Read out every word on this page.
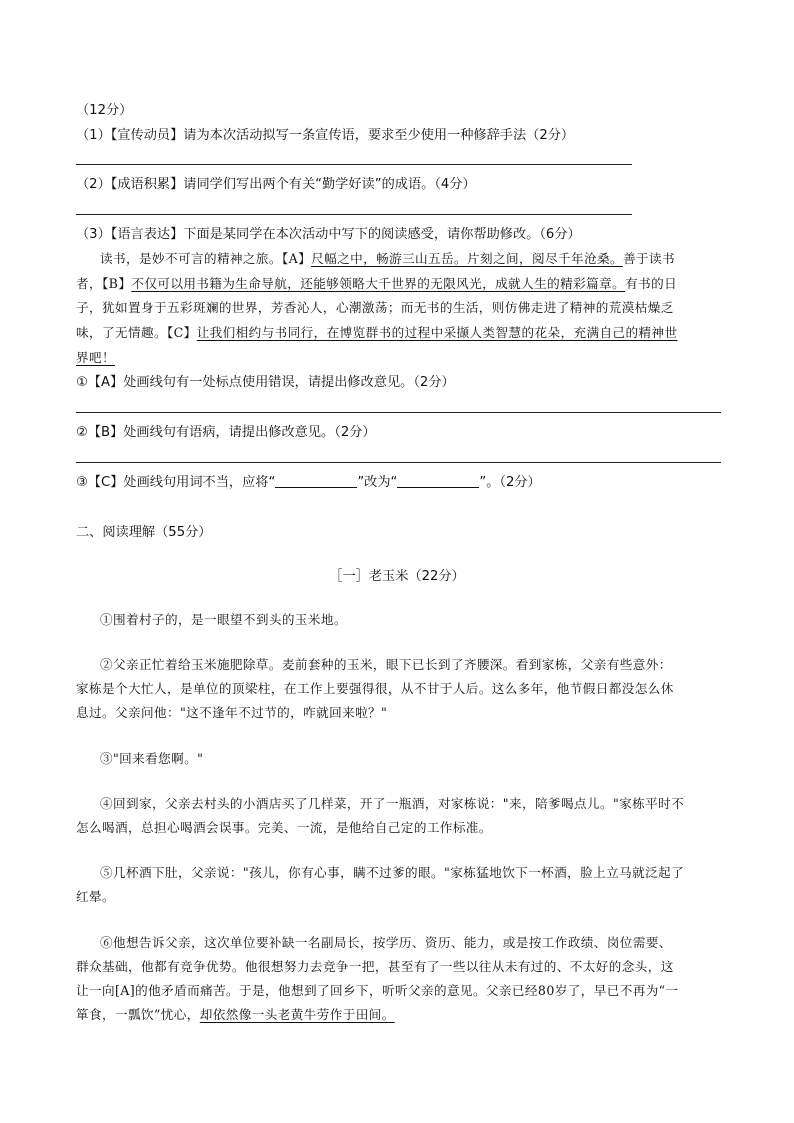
（12分）
（1）【宣传动员】请为本次活动拟写一条宣传语，要求至少使用一种修辞手法（2分）
（2）【成语积累】请同学们写出两个有关“勤学好读”的成语。（4分）
（3）【语言表达】下面是某同学在本次活动中写下的阅读感受，请你帮助修改。（6分）
读书，是妙不可言的精神之旅。【A】尺幅之中，畅游三山五岳。片刻之间，阅尽千年沧桑。善于读书
者，【B】不仅可以用书籍为生命导航，还能够领略大千世界的无限风光，成就人生的精彩篇章。有书的日
子，犹如置身于五彩斑斓的世界，芳香沁人，心潮激荡；而无书的生活，则仿佛走进了精神的荒漠枯燥乏
味，了无情趣。【C】让我们相约与书同行，在博览群书的过程中采撷人类智慧的花朵，充满自己的精神世
界吧！
①【A】处画线句有一处标点使用错误，请提出修改意见。（2分）
②【B】处画线句有语病，请提出修改意见。（2分）
③【C】处画线句用词不当，应将“	”改为“	”。（2分）
二、阅读理解（55分）
［一］老玉米（22分）
①围着村子的，是一眼望不到头的玉米地。
②父亲正忙着给玉米施肥除草。麦前套种的玉米，眼下已长到了齐腰深。看到家栋，父亲有些意外：
家栋是个大忙人，是单位的顶梁柱，在工作上要强得很，从不甘于人后。这么多年，他节假日都没怎么休
息过。父亲问他："这不逢年不过节的，咋就回来啦？"
③"回来看您啊。"
④回到家，父亲去村头的小酒店买了几样菜，开了一瓶酒，对家栋说："来，陪爹喝点儿。"家栋平时不
怎么喝酒，总担心喝酒会误事。完美、一流，是他给自己定的工作标准。
⑤几杯酒下肚，父亲说："孩儿，你有心事，瞒不过爹的眼。"家栋猛地饮下一杯酒，脸上立马就泛起了
红晕。
⑥他想告诉父亲，这次单位要补缺一名副局长，按学历、资历、能力，或是按工作政绩、岗位需要、
群众基础，他都有竞争优势。他很想努力去竞争一把，甚至有了一些以往从未有过的、不太好的念头，这
让一向[A]的他矛盾而痛苦。于是，他想到了回乡下，听听父亲的意见。父亲已经80岁了，早已不再为“一
箪食，一瓢饮”忧心，却依然像一头老黄牛劳作于田间。
